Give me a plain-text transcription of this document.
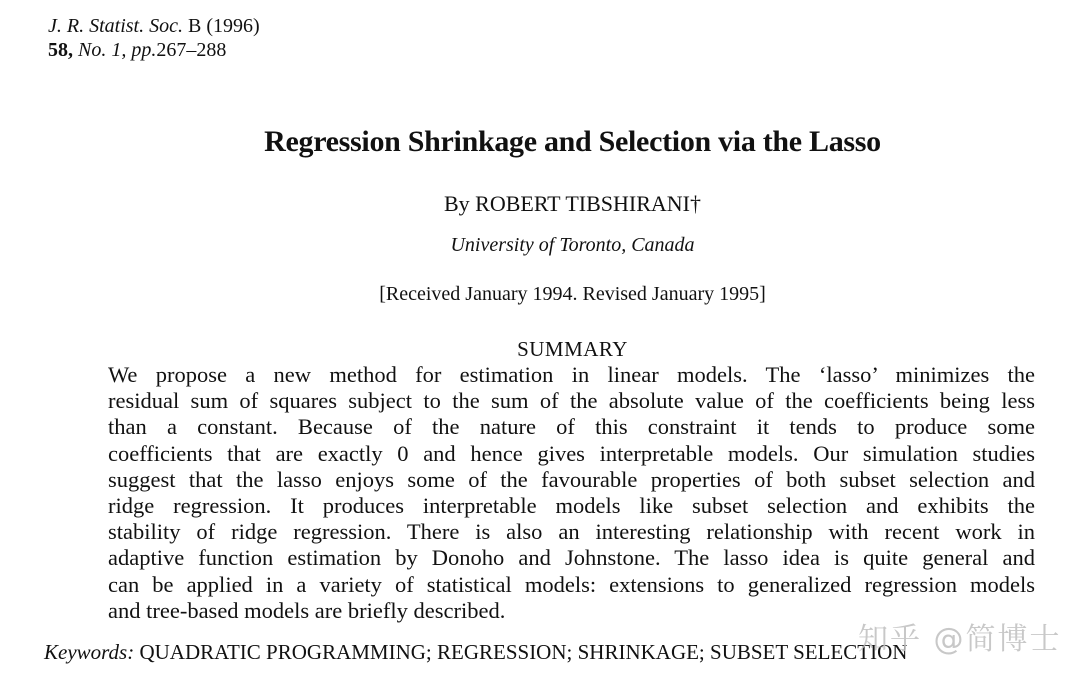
J. R. Statist. Soc. B (1996)
58, No. 1, pp.267–288
Regression Shrinkage and Selection via the Lasso
By ROBERT TIBSHIRANI†
University of Toronto, Canada
[Received January 1994. Revised January 1995]
SUMMARY
We propose a new method for estimation in linear models. The ‘lasso’ minimizes the
residual sum of squares subject to the sum of the absolute value of the coefficients being less
than a constant. Because of the nature of this constraint it tends to produce some
coefficients that are exactly 0 and hence gives interpretable models. Our simulation studies
suggest that the lasso enjoys some of the favourable properties of both subset selection and
ridge regression. It produces interpretable models like subset selection and exhibits the
stability of ridge regression. There is also an interesting relationship with recent work in
adaptive function estimation by Donoho and Johnstone. The lasso idea is quite general and
can be applied in a variety of statistical models: extensions to generalized regression models
and tree-based models are briefly described.
Keywords: QUADRATIC PROGRAMMING; REGRESSION; SHRINKAGE; SUBSET SELECTION
知乎 @简博士
